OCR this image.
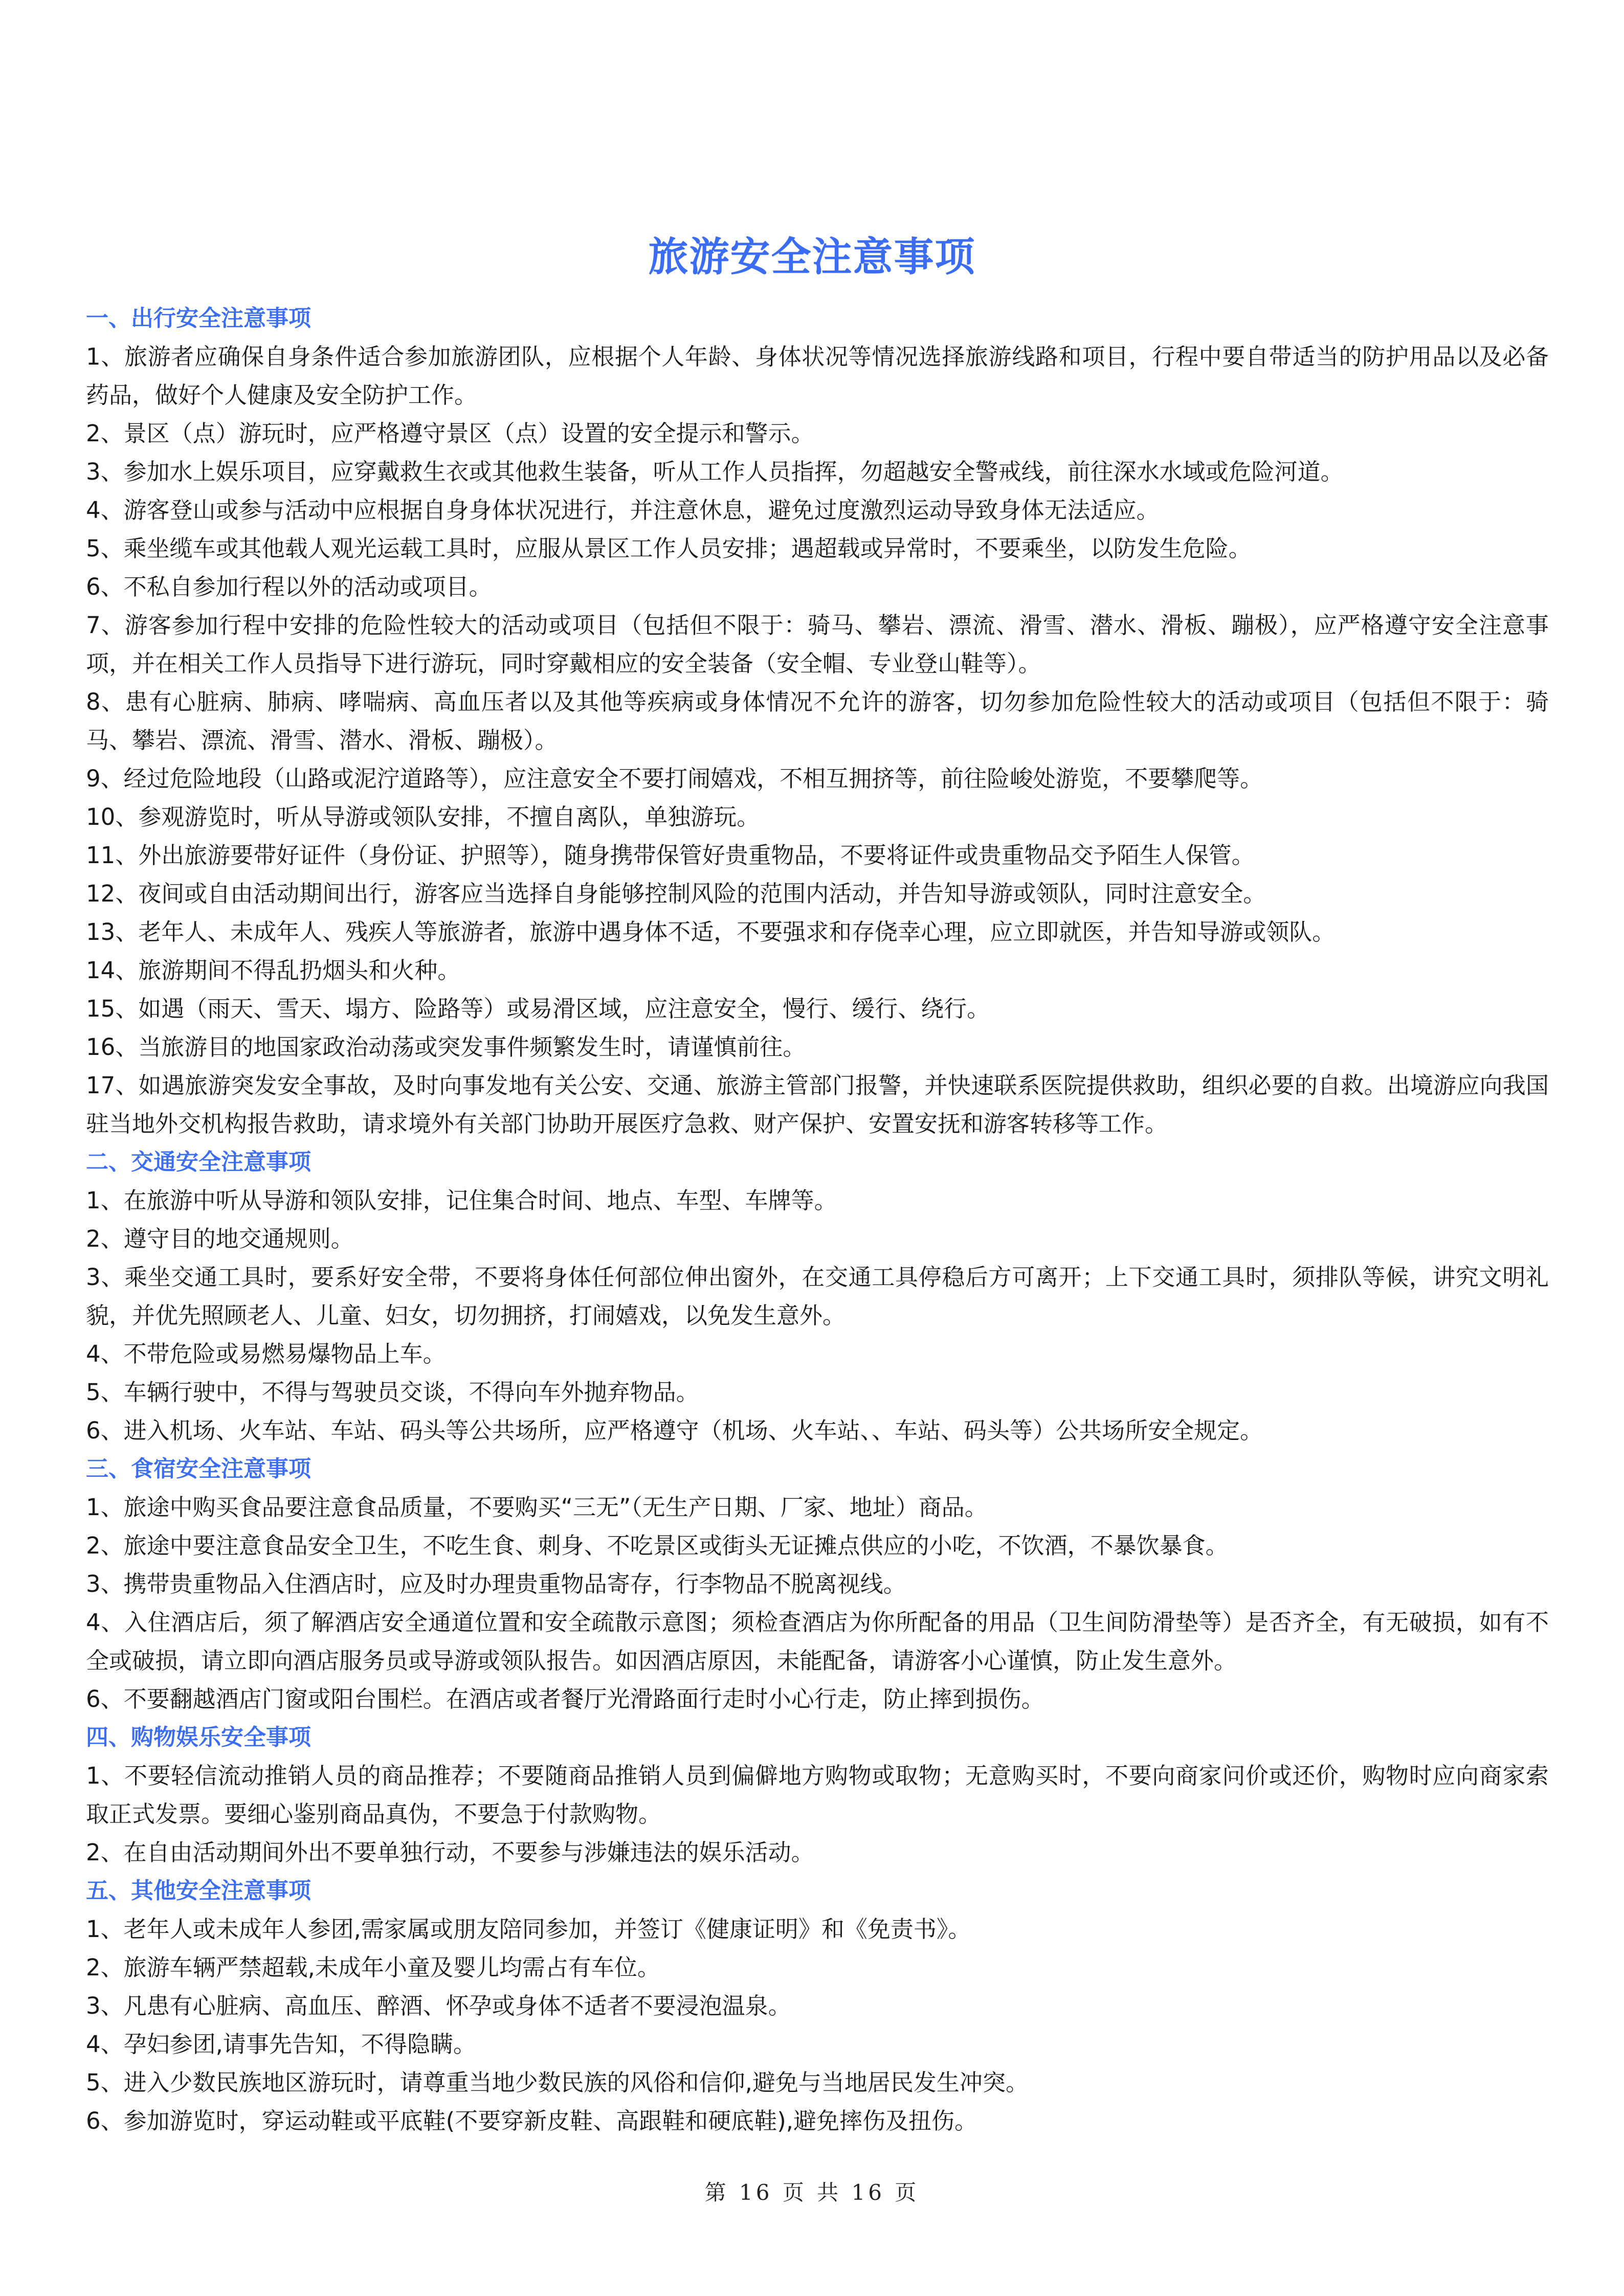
旅游安全注意事项
一、出行安全注意事项
1、旅游者应确保自身条件适合参加旅游团队，应根据个人年龄、身体状况等情况选择旅游线路和项目，行程中要自带适当的防护用品以及必备药品，做好个人健康及安全防护工作。
2、景区（点）游玩时，应严格遵守景区（点）设置的安全提示和警示。
3、参加水上娱乐项目，应穿戴救生衣或其他救生装备，听从工作人员指挥，勿超越安全警戒线，前往深水水域或危险河道。
4、游客登山或参与活动中应根据自身身体状况进行，并注意休息，避免过度激烈运动导致身体无法适应。
5、乘坐缆车或其他载人观光运载工具时，应服从景区工作人员安排；遇超载或异常时，不要乘坐，以防发生危险。
6、不私自参加行程以外的活动或项目。
7、游客参加行程中安排的危险性较大的活动或项目（包括但不限于：骑马、攀岩、漂流、滑雪、潜水、滑板、蹦极），应严格遵守安全注意事项，并在相关工作人员指导下进行游玩，同时穿戴相应的安全装备（安全帽、专业登山鞋等）。
8、患有心脏病、肺病、哮喘病、高血压者以及其他等疾病或身体情况不允许的游客，切勿参加危险性较大的活动或项目（包括但不限于：骑马、攀岩、漂流、滑雪、潜水、滑板、蹦极）。
9、经过危险地段（山路或泥泞道路等），应注意安全不要打闹嬉戏，不相互拥挤等，前往险峻处游览，不要攀爬等。
10、参观游览时，听从导游或领队安排，不擅自离队，单独游玩。
11、外出旅游要带好证件（身份证、护照等），随身携带保管好贵重物品，不要将证件或贵重物品交予陌生人保管。
12、夜间或自由活动期间出行，游客应当选择自身能够控制风险的范围内活动，并告知导游或领队，同时注意安全。
13、老年人、未成年人、残疾人等旅游者，旅游中遇身体不适，不要强求和存侥幸心理，应立即就医，并告知导游或领队。
14、旅游期间不得乱扔烟头和火种。
15、如遇（雨天、雪天、塌方、险路等）或易滑区域，应注意安全，慢行、缓行、绕行。
16、当旅游目的地国家政治动荡或突发事件频繁发生时，请谨慎前往。
17、如遇旅游突发安全事故，及时向事发地有关公安、交通、旅游主管部门报警，并快速联系医院提供救助，组织必要的自救。出境游应向我国驻当地外交机构报告救助，请求境外有关部门协助开展医疗急救、财产保护、安置安抚和游客转移等工作。
二、交通安全注意事项
1、在旅游中听从导游和领队安排，记住集合时间、地点、车型、车牌等。
2、遵守目的地交通规则。
3、乘坐交通工具时，要系好安全带，不要将身体任何部位伸出窗外，在交通工具停稳后方可离开；上下交通工具时，须排队等候，讲究文明礼貌，并优先照顾老人、儿童、妇女，切勿拥挤，打闹嬉戏，以免发生意外。
4、不带危险或易燃易爆物品上车。
5、车辆行驶中，不得与驾驶员交谈，不得向车外抛弃物品。
6、进入机场、火车站、车站、码头等公共场所，应严格遵守（机场、火车站、、车站、码头等）公共场所安全规定。
三、食宿安全注意事项
1、旅途中购买食品要注意食品质量，不要购买“三无”（无生产日期、厂家、地址）商品。
2、旅途中要注意食品安全卫生，不吃生食、刺身、不吃景区或街头无证摊点供应的小吃，不饮酒，不暴饮暴食。
3、携带贵重物品入住酒店时，应及时办理贵重物品寄存，行李物品不脱离视线。
4、入住酒店后，须了解酒店安全通道位置和安全疏散示意图；须检查酒店为你所配备的用品（卫生间防滑垫等）是否齐全，有无破损，如有不全或破损，请立即向酒店服务员或导游或领队报告。如因酒店原因，未能配备，请游客小心谨慎，防止发生意外。
6、不要翻越酒店门窗或阳台围栏。在酒店或者餐厅光滑路面行走时小心行走，防止摔到损伤。
四、购物娱乐安全事项
1、不要轻信流动推销人员的商品推荐；不要随商品推销人员到偏僻地方购物或取物；无意购买时，不要向商家问价或还价，购物时应向商家索取正式发票。要细心鉴别商品真伪，不要急于付款购物。
2、在自由活动期间外出不要单独行动，不要参与涉嫌违法的娱乐活动。
五、其他安全注意事项
1、老年人或未成年人参团,需家属或朋友陪同参加，并签订《健康证明》和《免责书》。
2、旅游车辆严禁超载,未成年小童及婴儿均需占有车位。
3、凡患有心脏病、高血压、醉酒、怀孕或身体不适者不要浸泡温泉。
4、孕妇参团,请事先告知，不得隐瞒。
5、进入少数民族地区游玩时，请尊重当地少数民族的风俗和信仰,避免与当地居民发生冲突。
6、参加游览时，穿运动鞋或平底鞋(不要穿新皮鞋、高跟鞋和硬底鞋),避免摔伤及扭伤。
第 16 页 共 16 页
